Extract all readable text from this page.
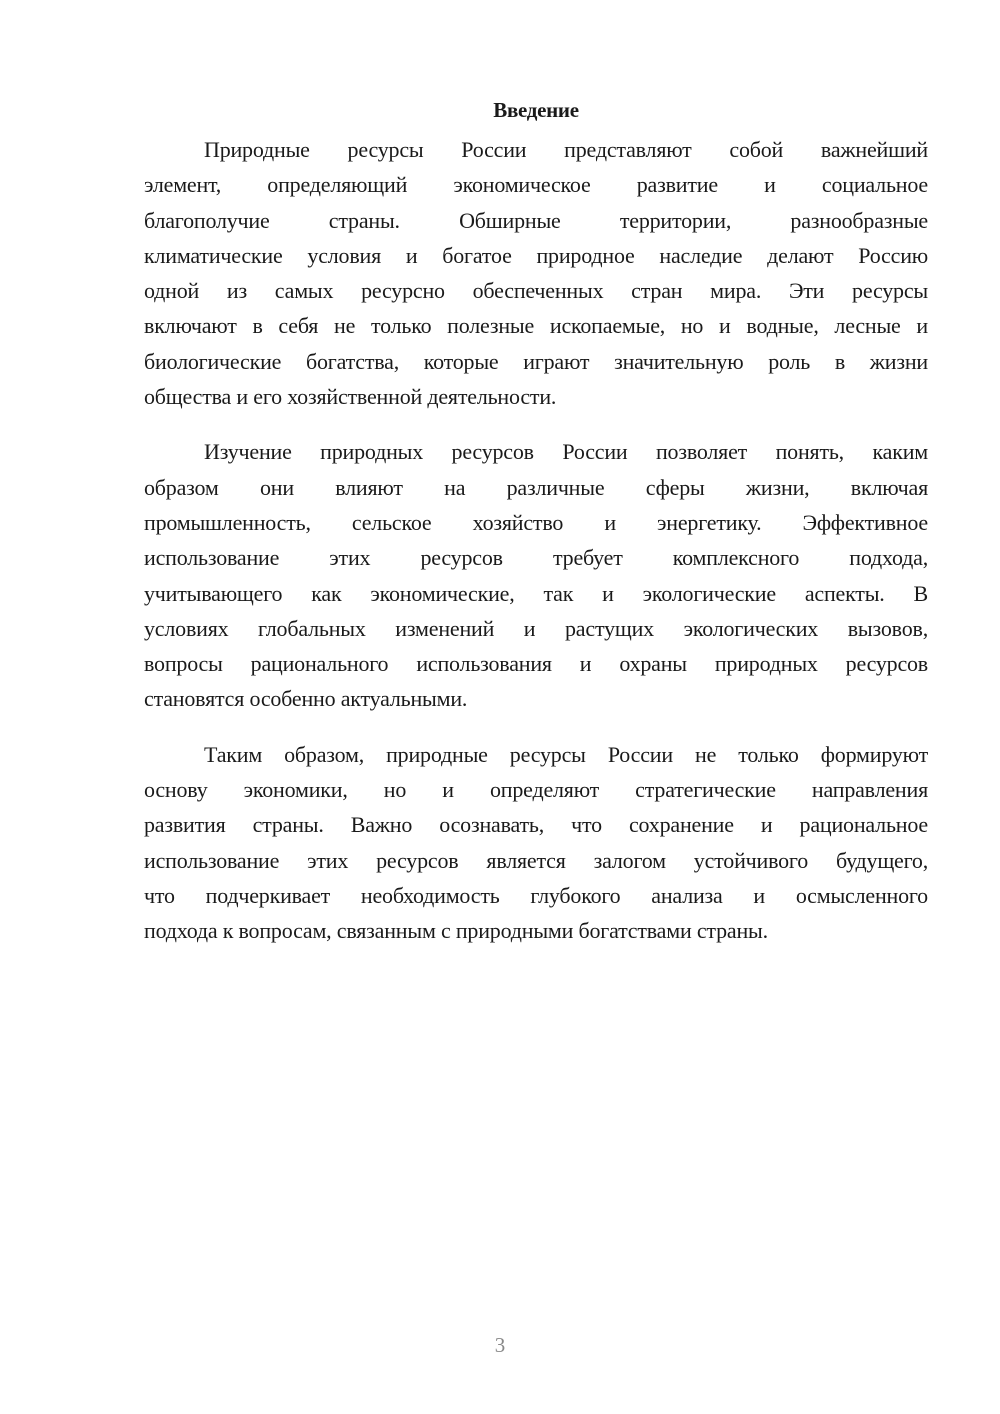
Введение
Природные ресурсы России представляют собой важнейший
элемент, определяющий экономическое развитие и социальное
благополучие страны. Обширные территории, разнообразные
климатические условия и богатое природное наследие делают Россию
одной из самых ресурсно обеспеченных стран мира. Эти ресурсы
включают в себя не только полезные ископаемые, но и водные, лесные и
биологические богатства, которые играют значительную роль в жизни
общества и его хозяйственной деятельности.
Изучение природных ресурсов России позволяет понять, каким
образом они влияют на различные сферы жизни, включая
промышленность, сельское хозяйство и энергетику. Эффективное
использование этих ресурсов требует комплексного подхода,
учитывающего как экономические, так и экологические аспекты. В
условиях глобальных изменений и растущих экологических вызовов,
вопросы рационального использования и охраны природных ресурсов
становятся особенно актуальными.
Таким образом, природные ресурсы России не только формируют
основу экономики, но и определяют стратегические направления
развития страны. Важно осознавать, что сохранение и рациональное
использование этих ресурсов является залогом устойчивого будущего,
что подчеркивает необходимость глубокого анализа и осмысленного
подхода к вопросам, связанным с природными богатствами страны.
3
